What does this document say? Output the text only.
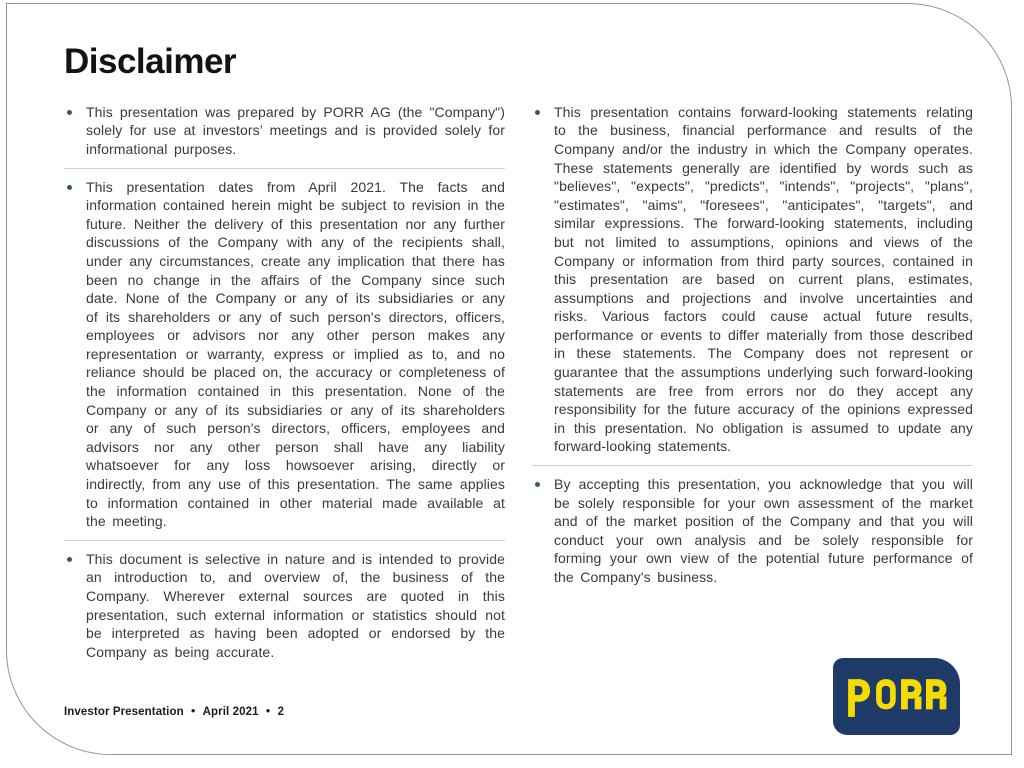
Disclaimer

This presentation was prepared by PORR AG (the "Company") solely for use at investors’ meetings and is provided solely for informational purposes.

This presentation dates from April 2021. The facts and information contained herein might be subject to revision in the future. Neither the delivery of this presentation nor any further discussions of the Company with any of the recipients shall, under any circumstances, create any implication that there has been no change in the affairs of the Company since such date. None of the Company or any of its subsidiaries or any of its shareholders or any of such person's directors, officers, employees or advisors nor any other person makes any representation or warranty, express or implied as to, and no reliance should be placed on, the accuracy or completeness of the information contained in this presentation. None of the Company or any of its subsidiaries or any of its shareholders or any of such person's directors, officers, employees and advisors nor any other person shall have any liability whatsoever for any loss howsoever arising, directly or indirectly, from any use of this presentation. The same applies to information contained in other material made available at the meeting.

This document is selective in nature and is intended to provide an introduction to, and overview of, the business of the Company. Wherever external sources are quoted in this presentation, such external information or statistics should not be interpreted as having been adopted or endorsed by the Company as being accurate.

This presentation contains forward-looking statements relating to the business, financial performance and results of the Company and/or the industry in which the Company operates. These statements generally are identified by words such as "believes", "expects", "predicts", "intends", "projects", "plans", "estimates", "aims", "foresees", "anticipates", "targets", and similar expressions. The forward-looking statements, including but not limited to assumptions, opinions and views of the Company or information from third party sources, contained in this presentation are based on current plans, estimates, assumptions and projections and involve uncertainties and risks. Various factors could cause actual future results, performance or events to differ materially from those described in these statements. The Company does not represent or guarantee that the assumptions underlying such forward-looking statements are free from errors nor do they accept any responsibility for the future accuracy of the opinions expressed in this presentation. No obligation is assumed to update any forward-looking statements.

By accepting this presentation, you acknowledge that you will be solely responsible for your own assessment of the market and of the market position of the Company and that you will conduct your own analysis and be solely responsible for forming your own view of the potential future performance of the Company's business.

Investor Presentation ● April 2021 ● 2
